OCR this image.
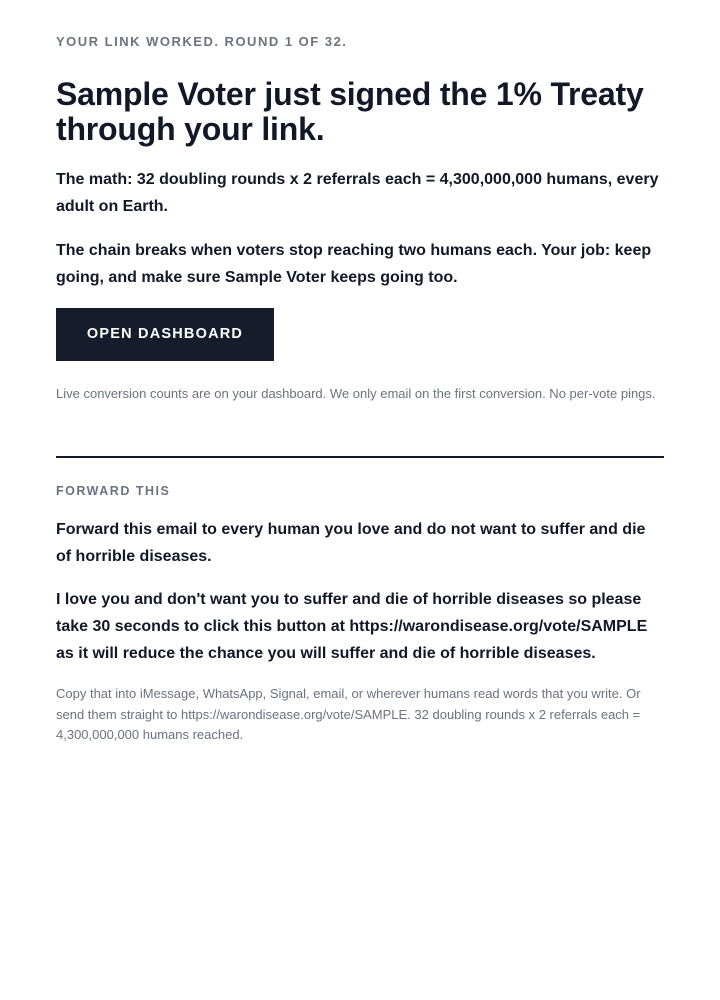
YOUR LINK WORKED. ROUND 1 OF 32.

Sample Voter just signed the 1% Treaty through your link.

The math: 32 doubling rounds x 2 referrals each = 4,300,000,000 humans, every adult on Earth.

The chain breaks when voters stop reaching two humans each. Your job: keep going, and make sure Sample Voter keeps going too.

OPEN DASHBOARD

Live conversion counts are on your dashboard. We only email on the first conversion. No per-vote pings.

FORWARD THIS

Forward this email to every human you love and do not want to suffer and die of horrible diseases.

I love you and don't want you to suffer and die of horrible diseases so please take 30 seconds to click this button at https://warondisease.org/vote/SAMPLE as it will reduce the chance you will suffer and die of horrible diseases.

Copy that into iMessage, WhatsApp, Signal, email, or wherever humans read words that you write. Or send them straight to https://warondisease.org/vote/SAMPLE. 32 doubling rounds x 2 referrals each = 4,300,000,000 humans reached.
